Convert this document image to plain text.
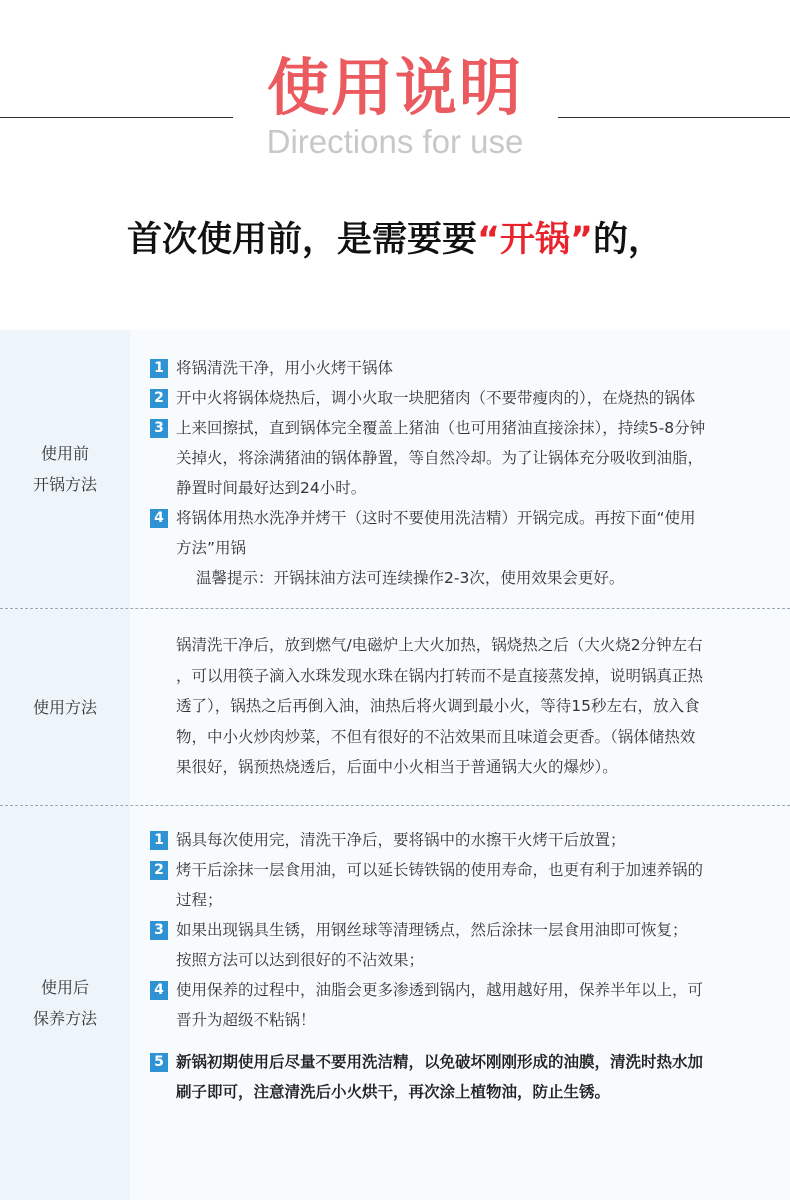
使用说明
Directions for use
首次使用前，是需要要“开锅”的，
使用前
开锅方法
1 将锅清洗干净，用小火烤干锅体
2 开中火将锅体烧热后，调小火取一块肥猪肉（不要带瘦肉的），在烧热的锅体
3 上来回擦拭，直到锅体完全覆盖上猪油（也可用猪油直接涂抹），持续5-8分钟
关掉火，将涂满猪油的锅体静置，等自然冷却。为了让锅体充分吸收到油脂，
静置时间最好达到24小时。
4 将锅体用热水洗净并烤干（这时不要使用洗洁精）开锅完成。再按下面“使用
方法”用锅
温馨提示：开锅抹油方法可连续操作2-3次，使用效果会更好。
使用方法
锅清洗干净后，放到燃气/电磁炉上大火加热，锅烧热之后（大火烧2分钟左右
，可以用筷子滴入水珠发现水珠在锅内打转而不是直接蒸发掉，说明锅真正热
透了），锅热之后再倒入油，油热后将火调到最小火，等待15秒左右，放入食
物，中小火炒肉炒菜，不但有很好的不沾效果而且味道会更香。（锅体储热效
果很好，锅预热烧透后，后面中小火相当于普通锅大火的爆炒）。
使用后
保养方法
1 锅具每次使用完，清洗干净后，要将锅中的水擦干火烤干后放置；
2 烤干后涂抹一层食用油，可以延长铸铁锅的使用寿命，也更有利于加速养锅的
过程；
3 如果出现锅具生锈，用钢丝球等清理锈点，然后涂抹一层食用油即可恢复；
按照方法可以达到很好的不沾效果；
4 使用保养的过程中，油脂会更多渗透到锅内，越用越好用，保养半年以上，可
晋升为超级不粘锅！
5 新锅初期使用后尽量不要用洗洁精，以免破坏刚刚形成的油膜，清洗时热水加
刷子即可，注意清洗后小火烘干，再次涂上植物油，防止生锈。
